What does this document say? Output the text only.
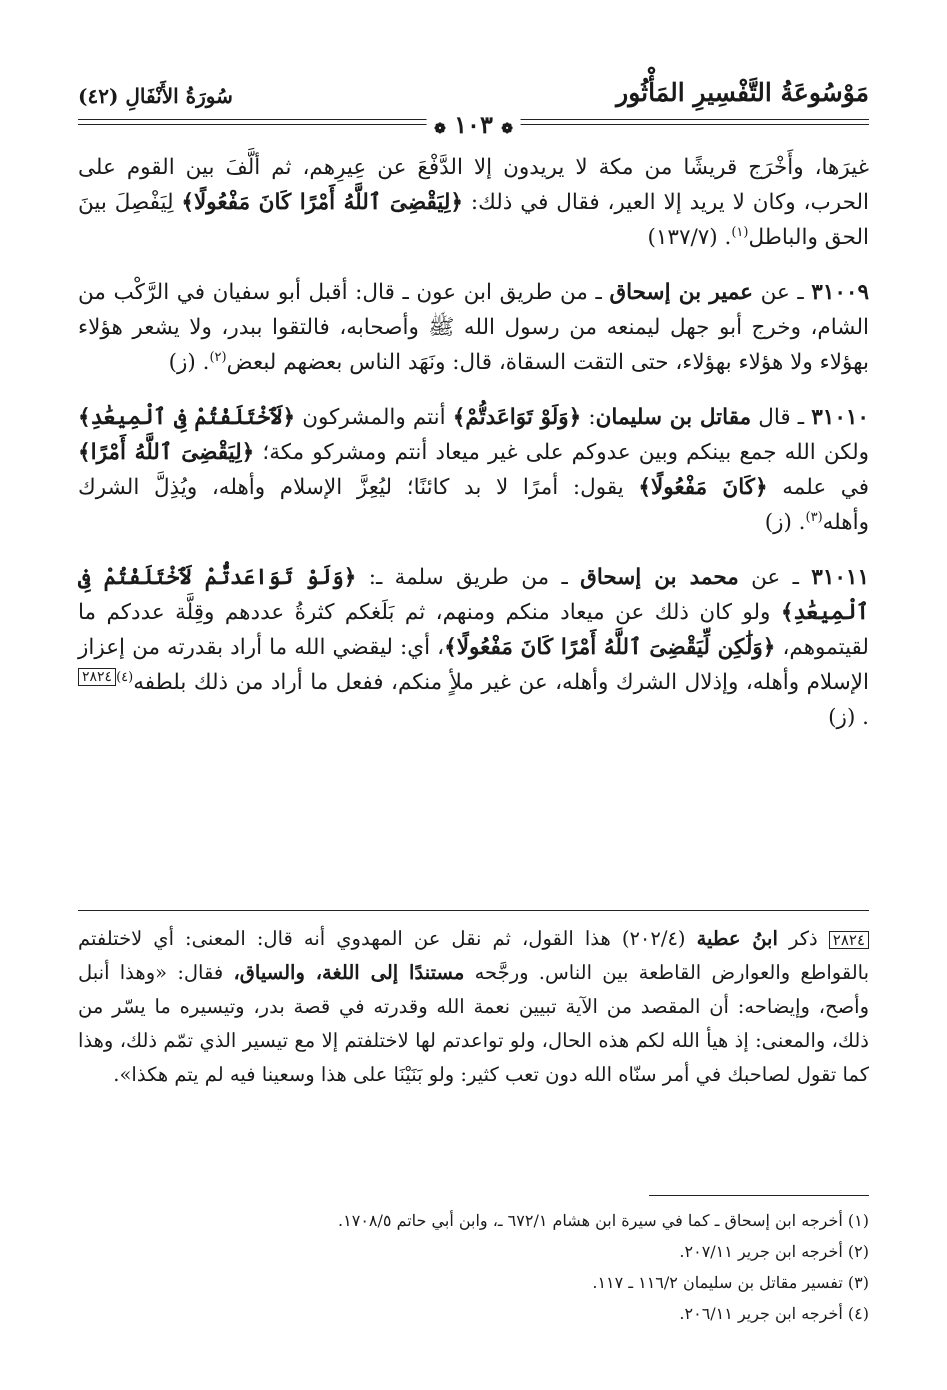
مَوْسُوعَةُ التَّفْسِيرِ المَأْثُور
سُورَةُ الأَنْفَالِ (٤٢)
❁ ١٠٣ ❁

غيرَها، وأَخْرَج قريشًا من مكة لا يريدون إلا الدَّفْعَ عن عِيرِهم، ثم ألَّفَ بين القوم على الحرب، وكان لا يريد إلا العير، فقال في ذلك: ﴿لِيَقْضِىَ ٱللَّهُ أَمْرًا كَانَ مَفْعُولًا﴾ لِيَفْصِلَ بينَ الحق والباطل$^{(١)}$. (١٣٧/٧)

٣١٠٠٩ ـ عن عمير بن إسحاق ـ من طريق ابن عون ـ قال: أقبل أبو سفيان في الرَّكْب من الشام، وخرج أبو جهل ليمنعه من رسول الله ﷺ وأصحابه، فالتقوا ببدر، ولا يشعر هؤلاء بهؤلاء ولا هؤلاء بهؤلاء، حتى التقت السقاة، قال: ونَهَد الناس بعضهم لبعض$^{(٢)}$. (ز)

٣١٠١٠ ـ قال مقاتل بن سليمان: ﴿وَلَوْ تَوَاعَدتُّمْ﴾ أنتم والمشركون ﴿لَٱخْتَلَفْتُمْ فِى ٱلْمِيعَٰدِ﴾ ولكن الله جمع بينكم وبين عدوكم على غير ميعاد أنتم ومشركو مكة؛ ﴿لِيَقْضِىَ ٱللَّهُ أَمْرًا﴾ في علمه ﴿كَانَ مَفْعُولًا﴾ يقول: أمرًا لا بد كائنًا؛ ليُعِزَّ الإسلام وأهله، ويُذِلَّ الشرك وأهله$^{(٣)}$. (ز)

٣١٠١١ ـ عن محمد بن إسحاق ـ من طريق سلمة ـ: ﴿وَلَوْ تَوَاعَدتُّمْ لَٱخْتَلَفْتُمْ فِى ٱلْمِيعَٰدِ﴾ ولو كان ذلك عن ميعاد منكم ومنهم، ثم بَلَغكم كثرةُ عددهم وقِلَّة عددكم ما لقيتموهم، ﴿وَلَٰكِن لِّيَقْضِىَ ٱللَّهُ أَمْرًا كَانَ مَفْعُولًا﴾، أي: ليقضي الله ما أراد بقدرته من إعزاز الإسلام وأهله، وإذلال الشرك وأهله، عن غير ملأٍ منكم، ففعل ما أراد من ذلك بلطفه$^{(٤)}$٢٨٢٤. (ز)

٢٨٢٤ ذكر ابنُ عطية (٢٠٢/٤) هذا القول، ثم نقل عن المهدوي أنه قال: المعنى: أي لاختلفتم بالقواطع والعوارض القاطعة بين الناس. ورجَّحه مستندًا إلى اللغة، والسياق، فقال: «وهذا أنبل وأصح، وإيضاحه: أن المقصد من الآية تبيين نعمة الله وقدرته في قصة بدر، وتيسيره ما يسّر من ذلك، والمعنى: إذ هيأ الله لكم هذه الحال، ولو تواعدتم لها لاختلفتم إلا مع تيسير الذي تمّم ذلك، وهذا كما تقول لصاحبك في أمر سنّاه الله دون تعب كثير: ولو بَنَيْنَا على هذا وسعينا فيه لم يتم هكذا».

(١) أخرجه ابن إسحاق ـ كما في سيرة ابن هشام ٦٧٢/١ ـ، وابن أبي حاتم ١٧٠٨/٥.
(٢) أخرجه ابن جرير ٢٠٧/١١.
(٣) تفسير مقاتل بن سليمان ١١٦/٢ ـ ١١٧.
(٤) أخرجه ابن جرير ٢٠٦/١١.
